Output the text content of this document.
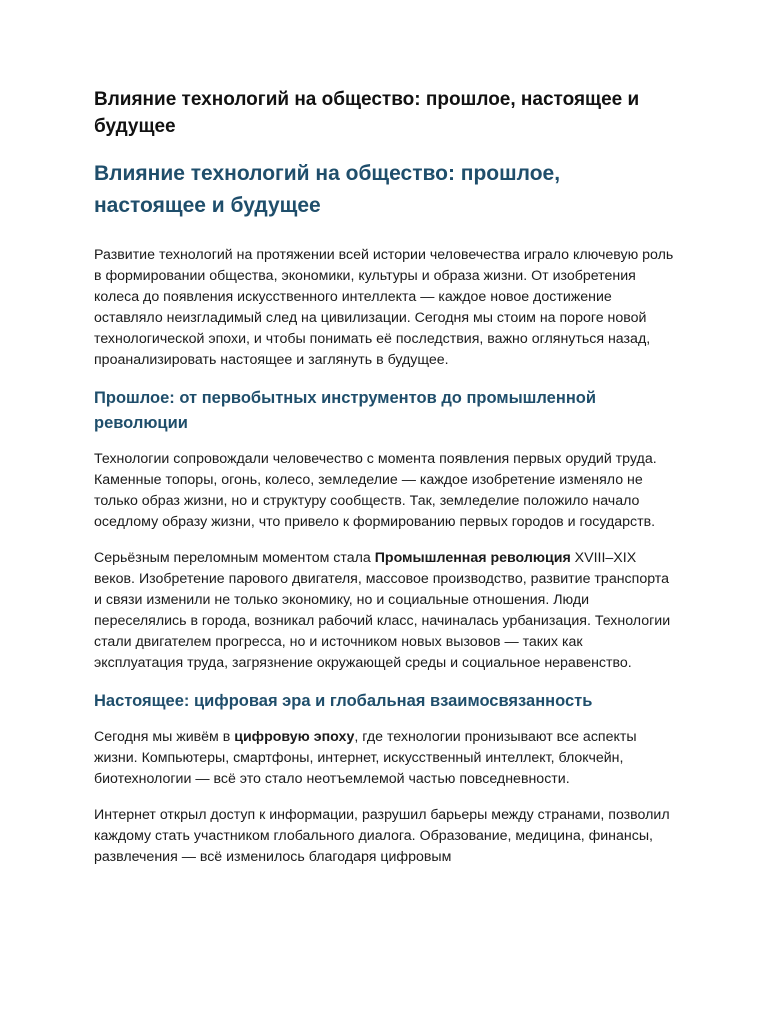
Влияние технологий на общество: прошлое, настоящее и будущее
Влияние технологий на общество: прошлое, настоящее и будущее

Развитие технологий на протяжении всей истории человечества играло ключевую роль в формировании общества, экономики, культуры и образа жизни. От изобретения колеса до появления искусственного интеллекта — каждое новое достижение оставляло неизгладимый след на цивилизации. Сегодня мы стоим на пороге новой технологической эпохи, и чтобы понимать её последствия, важно оглянуться назад, проанализировать настоящее и заглянуть в будущее.

Прошлое: от первобытных инструментов до промышленной революции

Технологии сопровождали человечество с момента появления первых орудий труда. Каменные топоры, огонь, колесо, земледелие — каждое изобретение изменяло не только образ жизни, но и структуру сообществ. Так, земледелие положило начало оседлому образу жизни, что привело к формированию первых городов и государств.

Серьёзным переломным моментом стала Промышленная революция XVIII–XIX веков. Изобретение парового двигателя, массовое производство, развитие транспорта и связи изменили не только экономику, но и социальные отношения. Люди переселялись в города, возникал рабочий класс, начиналась урбанизация. Технологии стали двигателем прогресса, но и источником новых вызовов — таких как эксплуатация труда, загрязнение окружающей среды и социальное неравенство.

Настоящее: цифровая эра и глобальная взаимосвязанность

Сегодня мы живём в цифровую эпоху, где технологии пронизывают все аспекты жизни. Компьютеры, смартфоны, интернет, искусственный интеллект, блокчейн, биотехнологии — всё это стало неотъемлемой частью повседневности.

Интернет открыл доступ к информации, разрушил барьеры между странами, позволил каждому стать участником глобального диалога. Образование, медицина, финансы, развлечения — всё изменилось благодаря цифровым
